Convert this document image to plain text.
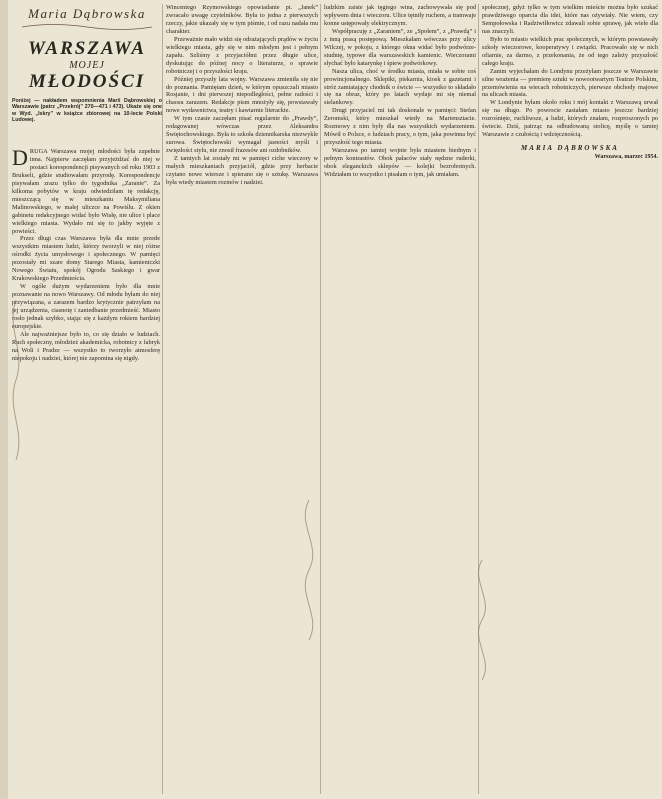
Maria Dąbrowska
WARSZAWA
MOJEJ
MŁODOŚCI
Poniżej — nakładem wspomnienia Marii Dąbrowskiej o Warszawie (patrz „Przekrój” 270—471 i 473). Ukaże się one w Wyd. „Iskry” w książce zbiorowej na 10-lecie Polski Ludowej.
D RUGA Warszawa mojej młodości była zupełnie inna. Najpierw zaczęłam przyjeżdżać do niej w postaci korespondencji pisywanych od roku 1903 z Brukseli, gdzie studiowałam przyrodę. Korespondencje pisywałam zrazu tylko do tygodnika „Zaranie”. Za kilkoma pobytów w kraju odwiedziłam tę redakcję, mieszczącą się w mieszkaniu Maksymiliana Malinowskiego, w małej uliczce na Powiślu. Z okien gabinetu redakcyjnego widać było Wisłę, nie ulice i place wielkiego miasta. Wydało mi się to jakby wyjęte z powieści.

Przez długi czas Warszawa była dla mnie przede wszystkim miastem ludzi, którzy tworzyli w niej różne ośrodki życia umysłowego i społecznego. W pamięci pozostały mi szare domy Starego Miasta, kamieniczki Nowego Światu, spokój Ogrodu Saskiego i gwar Krakowskiego Przedmieścia.

W ogóle dużym wydarzeniem było dla mnie poznawanie na nowo Warszawy. Od młodu byłam do niej przywiązana, a zarazem bardzo krytycznie patrzyłam na jej urządzenia, ciasnotę i zaniedbanie przedmieść. Miasto rosło jednak szybko, stając się z każdym rokiem bardziej europejskie.

Ale najważniejsze było to, co się działo w ludziach. Ruch społeczny, młodzież akademicka, robotnicy z fabryk na Woli i Pradze — wszystko to tworzyło atmosferę niepokoju i nadziei, której nie zapomina się nigdy.

Wincentego Rzymowskiego opowiadanie pt. „Janek” zwracało uwagę czytelników. Była to jedna z pierwszych rzeczy, jakie ukazały się w tym piśmie, i od razu nadała mu charakter.

Przeważnie mało widzi się odrażających prądów w życiu wielkiego miasta, gdy się w nim młodym jest i pełnym zapału. Szliśmy z przyjaciółmi przez długie ulice, dyskutując do późnej nocy o literaturze, o sprawie robotniczej i o przyszłości kraju.

Później przyszły lata wojny. Warszawa zmieniła się nie do poznania. Pamiętam dzień, w którym opuszczali miasto Rosjanie, i dni pierwszej niepodległości, pełne radości i chaosu zarazem. Redakcje pism mnożyły się, powstawały nowe wydawnictwa, teatry i kawiarnie literackie.

W tym czasie zaczęłam pisać regularnie do „Prawdy”, redagowanej wówczas przez Aleksandra Świętochowskiego. Była to szkoła dziennikarska niezwykle surowa. Świętochowski wymagał jasności myśli i zwięzłości stylu, nie znosił frazesów ani ozdobników.

Z tamtych lat zostały mi w pamięci ciche wieczory w małych mieszkaniach przyjaciół, gdzie przy herbacie czytano nowe wiersze i spierano się o sztukę. Warszawa była wtedy miastem rozmów i nadziei.

ludzkim zaiste jak tęgiego wina, zachowywała się pod wpływem dnia i wieczoru. Ulice tętniły ruchem, a tramwaje konne ustępowały elektrycznym.

Współpracuję z „Zaraniem”, ze „Społem”, z „Prawdą” i z inną prasą postępową. Mieszkałam wówczas przy ulicy Wilczej, w pokoju, z którego okna widać było podwórze-studnię, typowe dla warszawskich kamienic. Wieczorami słychać było katarynkę i śpiew podwórkowy.

Nasza ulica, choć w środku miasta, miała w sobie coś prowincjonalnego. Sklepiki, piekarnia, kiosk z gazetami i stróż zamiatający chodnik o świcie — wszystko to składało się na obraz, który po latach wydaje mi się niemal sielankowy.

Drugi przyjaciel mi tak doskonale w pamięci: Stefan Żeromski, który mieszkał wtedy na Mariensztacie. Rozmowy z nim były dla nas wszystkich wydarzeniem. Mówił o Polsce, o ludziach pracy, o tym, jaka powinna być przyszłość tego miasta.

Warszawa po tamtej wojnie była miastem biednym i pełnym kontrastów. Obok pałaców stały nędzne ruderki, obok eleganckich sklepów — kolejki bezrobotnych. Widziałam to wszystko i pisałam o tym, jak umiałam.

społecznej, gdyż tylko w tym wielkim mieście można było szukać prawdziwego oparcia dla idei, które nas ożywiały. Nie wiem, czy Sempołowska i Radziwiłłowicz zdawali sobie sprawę, jak wiele dla nas znaczyli.

Było to miasto wielkich prac społecznych, w którym powstawały szkoły wieczorowe, kooperatywy i związki. Pracowało się w nich ofiarnie, za darmo, z przekonania, że od tego zależy przyszłość całego kraju.

Zanim wyjechałam do Londynu przeżyłam jeszcze w Warszawie silne wrażenia — premierę sztuki w nowootwartym Teatrze Polskim, przemówienia na wiecach robotniczych, pierwsze obchody majowe na ulicach miasta.

W Londynie byłam około roku i mój kontakt z Warszawą urwał się na długo. Po powrocie zastałam miasto jeszcze bardziej rozrośnięte, ruchliwsze, a ludzi, których znałam, rozproszonych po świecie. Dziś, patrząc na odbudowaną stolicę, myślę o tamtej Warszawie z czułością i wdzięcznością.

MARIA DĄBROWSKA
Warszawa, marzec 1954.
